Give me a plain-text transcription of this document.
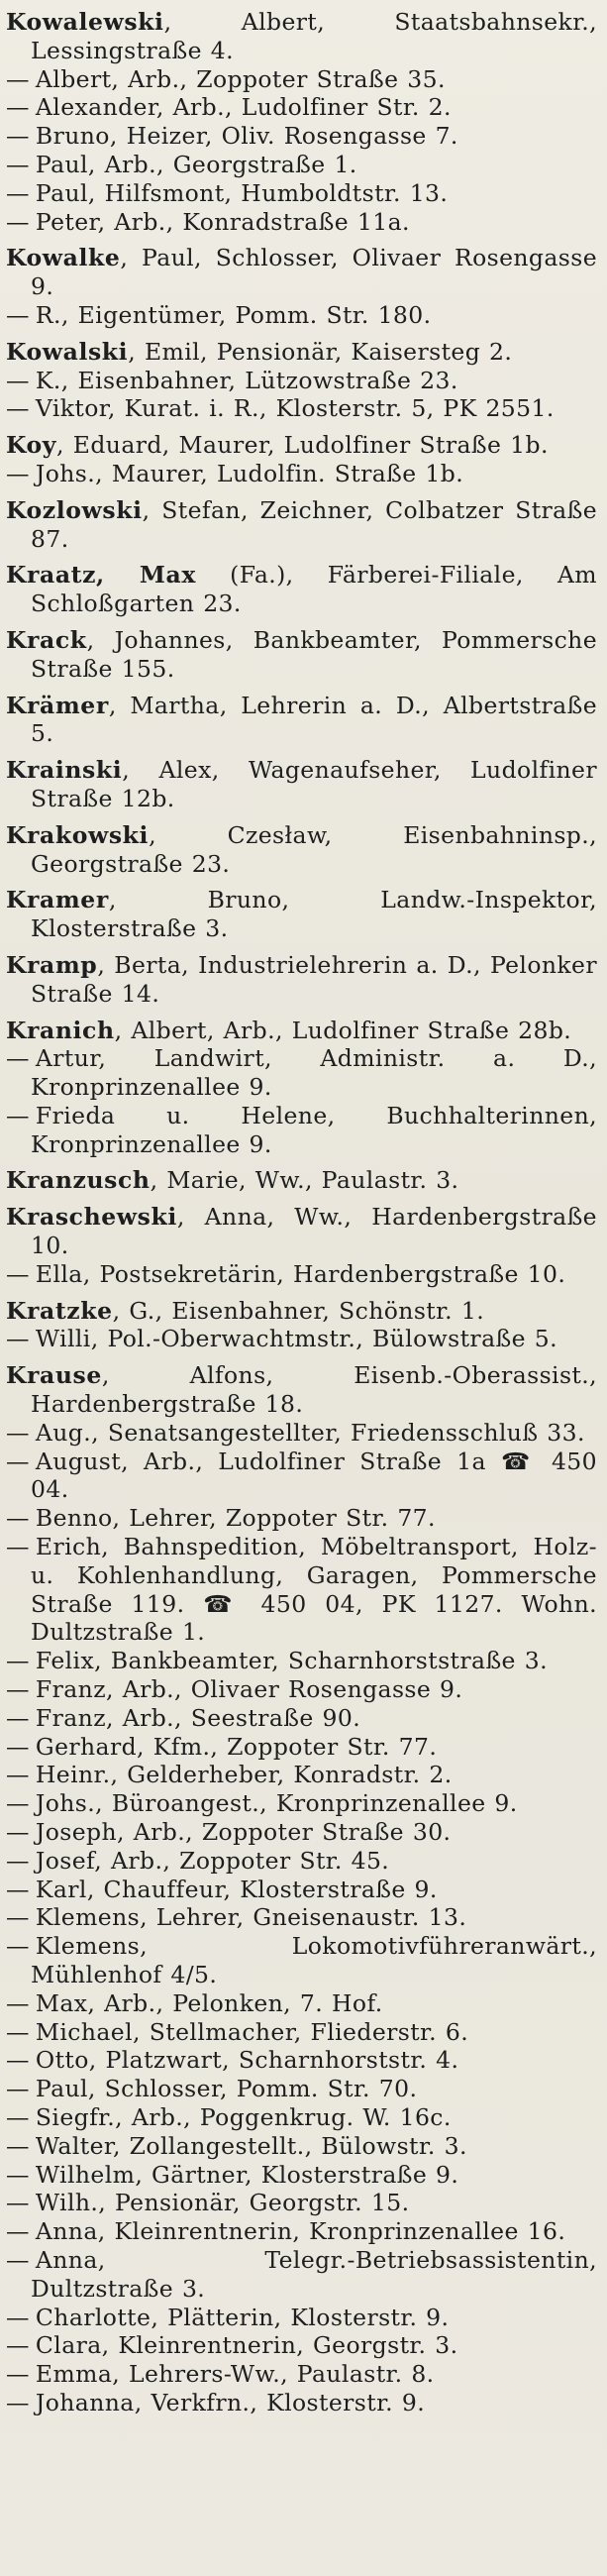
Kowalewski, Albert, Staatsbahnsekr., Lessingstraße 4.
— Albert, Arb., Zoppoter Straße 35.
— Alexander, Arb., Ludolfiner Str. 2.
— Bruno, Heizer, Oliv. Rosengasse 7.
— Paul, Arb., Georgstraße 1.
— Paul, Hilfsmont, Humboldtstr. 13.
— Peter, Arb., Konradstraße 11a.
Kowalke, Paul, Schlosser, Olivaer Rosengasse 9.
— R., Eigentümer, Pomm. Str. 180.
Kowalski, Emil, Pensionär, Kaisersteg 2.
— K., Eisenbahner, Lützowstraße 23.
— Viktor, Kurat. i. R., Klosterstr. 5, PK 2551.
Koy, Eduard, Maurer, Ludolfiner Straße 1b.
— Johs., Maurer, Ludolfin. Straße 1b.
Kozlowski, Stefan, Zeichner, Colbatzer Straße 87.
Kraatz, Max (Fa.), Färberei-Filiale, Am Schloßgarten 23.
Krack, Johannes, Bankbeamter, Pommersche Straße 155.
Krämer, Martha, Lehrerin a. D., Albertstraße 5.
Krainski, Alex, Wagenaufseher, Ludolfiner Straße 12b.
Krakowski, Czesław, Eisenbahninsp., Georgstraße 23.
Kramer, Bruno, Landw.-Inspektor, Klosterstraße 3.
Kramp, Berta, Industrielehrerin a. D., Pelonker Straße 14.
Kranich, Albert, Arb., Ludolfiner Straße 28b.
— Artur, Landwirt, Administr. a. D., Kronprinzenallee 9.
— Frieda u. Helene, Buchhalterinnen, Kronprinzenallee 9.
Kranzusch, Marie, Ww., Paulastr. 3.
Kraschewski, Anna, Ww., Hardenbergstraße 10.
— Ella, Postsekretärin, Hardenbergstraße 10.
Kratzke, G., Eisenbahner, Schönstr. 1.
— Willi, Pol.-Oberwachtmstr., Bülowstraße 5.
Krause, Alfons, Eisenb.-Oberassist., Hardenbergstraße 18.
— Aug., Senatsangestellter, Friedensschluß 33.
— August, Arb., Ludolfiner Straße 1a ☎ 450 04.
— Benno, Lehrer, Zoppoter Str. 77.
— Erich, Bahnspedition, Möbeltransport, Holz- u. Kohlenhandlung, Garagen, Pommersche Straße 119. ☎ 450 04, PK 1127. Wohn. Dultzstraße 1.
— Felix, Bankbeamter, Scharnhorststraße 3.
— Franz, Arb., Olivaer Rosengasse 9.
— Franz, Arb., Seestraße 90.
— Gerhard, Kfm., Zoppoter Str. 77.
— Heinr., Gelderheber, Konradstr. 2.
— Johs., Büroangest., Kronprinzenallee 9.
— Joseph, Arb., Zoppoter Straße 30.
— Josef, Arb., Zoppoter Str. 45.
— Karl, Chauffeur, Klosterstraße 9.
— Klemens, Lehrer, Gneisenaustr. 13.
— Klemens, Lokomotivführeranwärt., Mühlenhof 4/5.
— Max, Arb., Pelonken, 7. Hof.
— Michael, Stellmacher, Fliederstr. 6.
— Otto, Platzwart, Scharnhorststr. 4.
— Paul, Schlosser, Pomm. Str. 70.
— Siegfr., Arb., Poggenkrug. W. 16c.
— Walter, Zollangestellt., Bülowstr. 3.
— Wilhelm, Gärtner, Klosterstraße 9.
— Wilh., Pensionär, Georgstr. 15.
— Anna, Kleinrentnerin, Kronprinzenallee 16.
— Anna, Telegr.-Betriebsassistentin, Dultzstraße 3.
— Charlotte, Plätterin, Klosterstr. 9.
— Clara, Kleinrentnerin, Georgstr. 3.
— Emma, Lehrers-Ww., Paulastr. 8.
— Johanna, Verkfrn., Klosterstr. 9.
